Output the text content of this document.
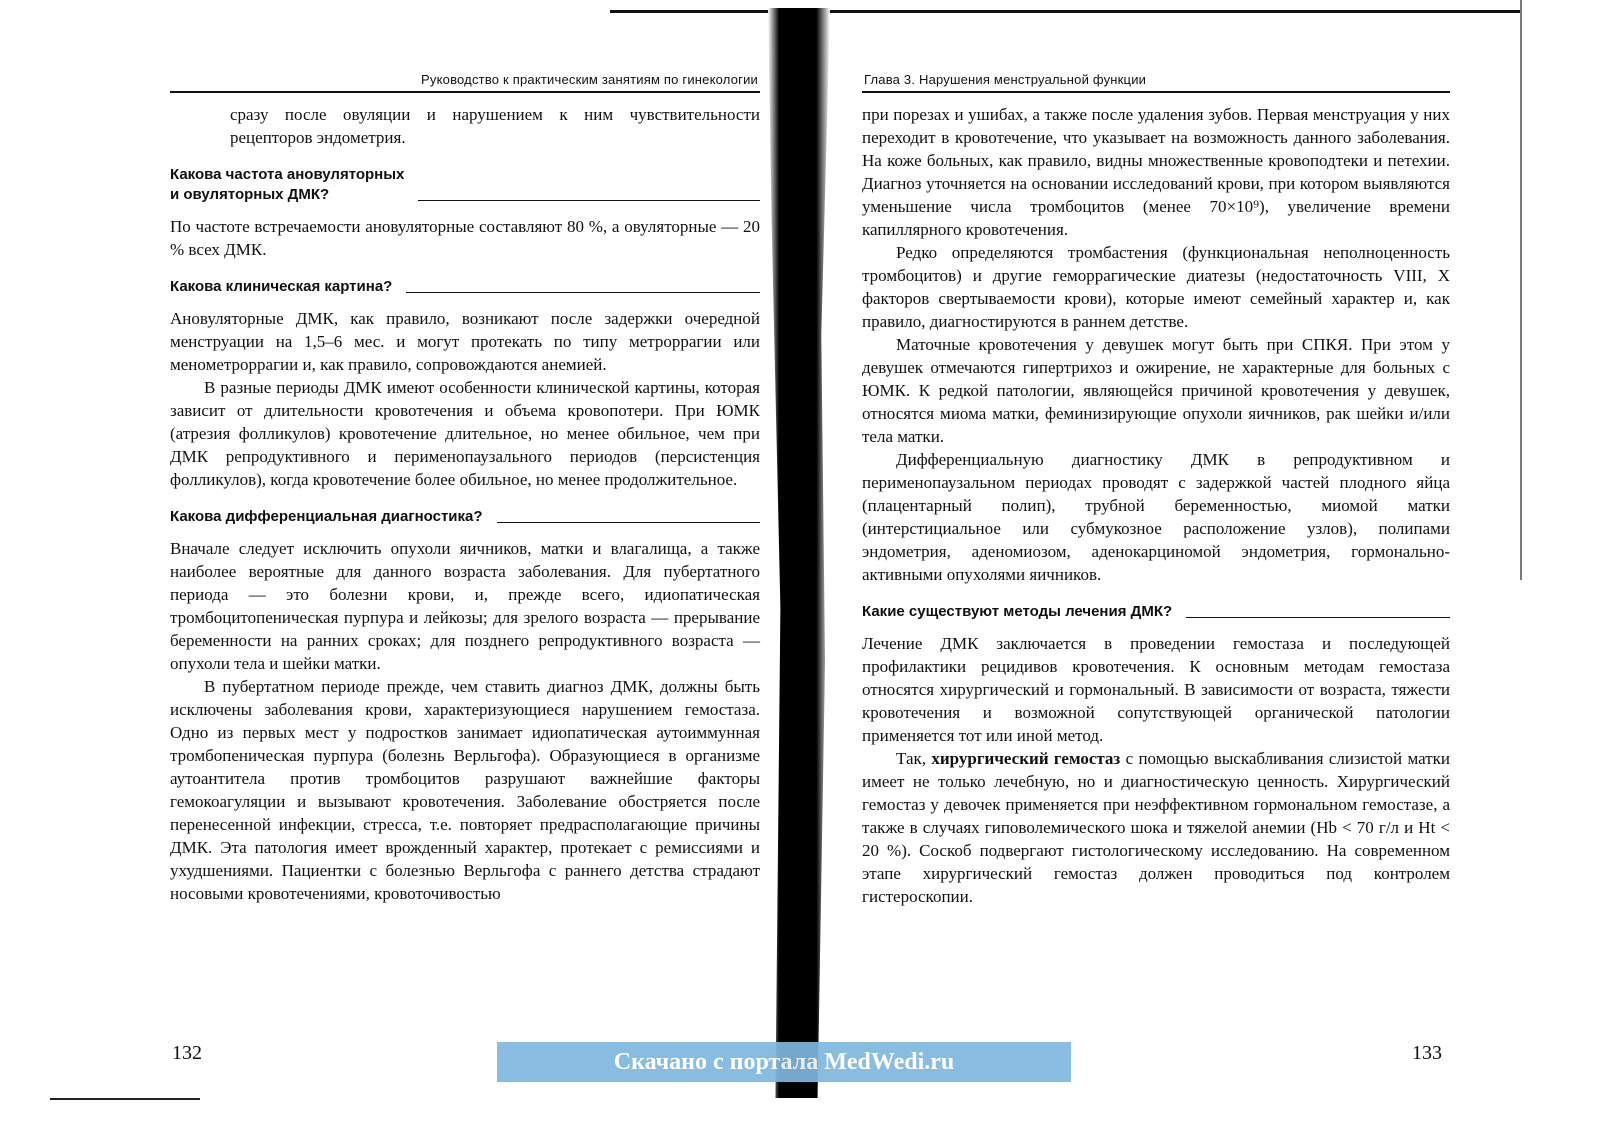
Руководство к практическим занятиям по гинекологии

сразу после овуляции и нарушением к ним чувствительности рецепторов эндометрия.

Какова частота ановуляторных
и овуляторных ДМК?

По частоте встречаемости ановуляторные составляют 80 %, а овуляторные — 20 % всех ДМК.

Какова клиническая картина?

Ановуляторные ДМК, как правило, возникают после задержки очередной менструации на 1,5–6 мес. и могут протекать по типу метроррагии или менометроррагии и, как правило, сопровождаются анемией.

В разные периоды ДМК имеют особенности клинической картины, которая зависит от длительности кровотечения и объема кровопотери. При ЮМК (атрезия фолликулов) кровотечение длительное, но менее обильное, чем при ДМК репродуктивного и перименопаузального периодов (персистенция фолликулов), когда кровотечение более обильное, но менее продолжительное.

Какова дифференциальная диагностика?

Вначале следует исключить опухоли яичников, матки и влагалища, а также наиболее вероятные для данного возраста заболевания. Для пубертатного периода — это болезни крови, и, прежде всего, идиопатическая тромбоцитопеническая пурпура и лейкозы; для зрелого возраста — прерывание беременности на ранних сроках; для позднего репродуктивного возраста — опухоли тела и шейки матки.

В пубертатном периоде прежде, чем ставить диагноз ДМК, должны быть исключены заболевания крови, характеризующиеся нарушением гемостаза. Одно из первых мест у подростков занимает идиопатическая аутоиммунная тромбопеническая пурпура (болезнь Верльгофа). Образующиеся в организме аутоантитела против тромбоцитов разрушают важнейшие факторы гемокоагуляции и вызывают кровотечения. Заболевание обостряется после перенесенной инфекции, стресса, т.е. повторяет предрасполагающие причины ДМК. Эта патология имеет врожденный характер, протекает с ремиссиями и ухудшениями. Пациентки с болезнью Верльгофа с раннего детства страдают носовыми кровотечениями, кровоточивостью

Глава 3. Нарушения менструальной функции

при порезах и ушибах, а также после удаления зубов. Первая менструация у них переходит в кровотечение, что указывает на возможность данного заболевания. На коже больных, как правило, видны множественные кровоподтеки и петехии. Диагноз уточняется на основании исследований крови, при котором выявляются уменьшение числа тромбоцитов (менее 70×10⁹), увеличение времени капиллярного кровотечения.

Редко определяются тромбастения (функциональная неполноценность тромбоцитов) и другие геморрагические диатезы (недостаточность VIII, X факторов свертываемости крови), которые имеют семейный характер и, как правило, диагностируются в раннем детстве.

Маточные кровотечения у девушек могут быть при СПКЯ. При этом у девушек отмечаются гипертрихоз и ожирение, не характерные для больных с ЮМК. К редкой патологии, являющейся причиной кровотечения у девушек, относятся миома матки, феминизирующие опухоли яичников, рак шейки и/или тела матки.

Дифференциальную диагностику ДМК в репродуктивном и перименопаузальном периодах проводят с задержкой частей плодного яйца (плацентарный полип), трубной беременностью, миомой матки (интерстициальное или субмукозное расположение узлов), полипами эндометрия, аденомиозом, аденокарциномой эндометрия, гормонально-активными опухолями яичников.

Какие существуют методы лечения ДМК?

Лечение ДМК заключается в проведении гемостаза и последующей профилактики рецидивов кровотечения. К основным методам гемостаза относятся хирургический и гормональный. В зависимости от возраста, тяжести кровотечения и возможной сопутствующей органической патологии применяется тот или иной метод.

Так, хирургический гемостаз с помощью выскабливания слизистой матки имеет не только лечебную, но и диагностическую ценность. Хирургический гемостаз у девочек применяется при неэффективном гормональном гемостазе, а также в случаях гиповолемического шока и тяжелой анемии (Hb < 70 г/л и Ht < 20 %). Соскоб подвергают гистологическому исследованию. На современном этапе хирургический гемостаз должен проводиться под контролем гистероскопии.

132	133
Скачано с портала MedWedi.ru
